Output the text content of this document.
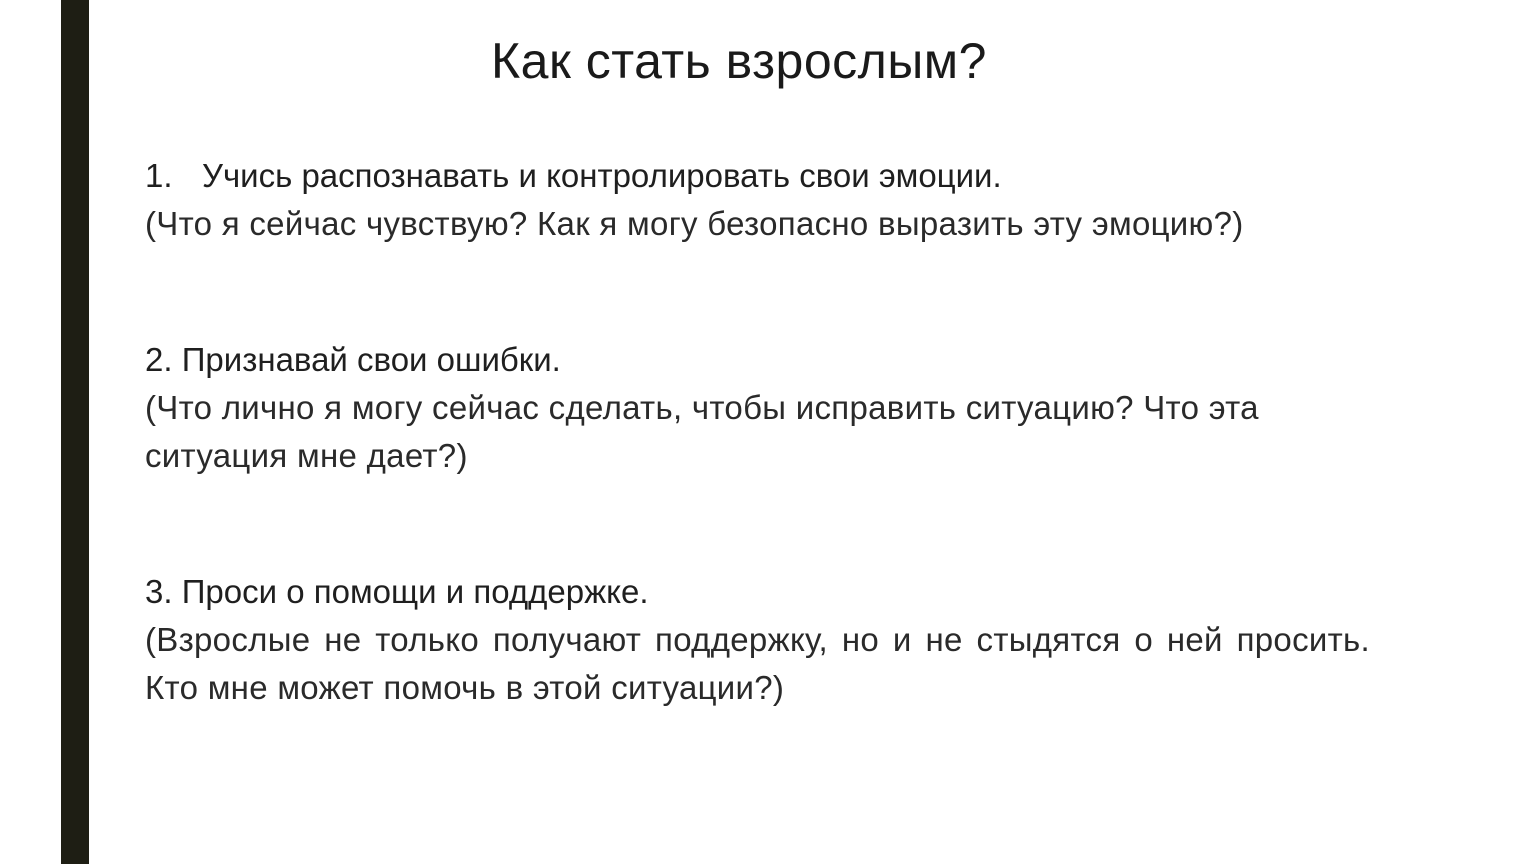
Как стать взрослым?

1. Учись распознавать и контролировать свои эмоции.

(Что я сейчас чувствую? Как я могу безопасно выразить эту эмоцию?)

2. Признавай свои ошибки.

(Что лично я могу сейчас сделать, чтобы исправить ситуацию? Что эта ситуация мне дает?)

3. Проси о помощи и поддержке.

(Взрослые не только получают поддержку, но и не стыдятся о ней просить. Кто мне может помочь в этой ситуации?)
